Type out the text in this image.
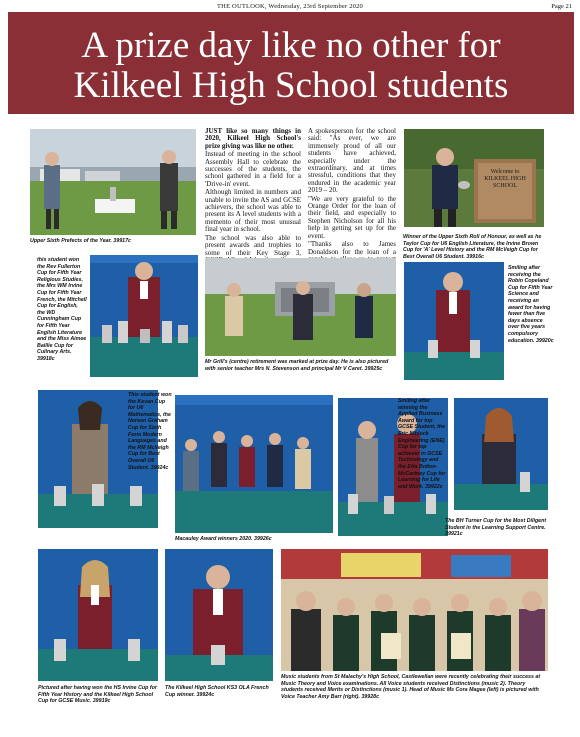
THE OUTLOOK, Wednesday, 23rd September 2020	Page 21
A prize day like no other for
Kilkeel High School students
Upper Sixth Prefects of the Year. 39917c

JUST like so many things in 2020, Kilkeel High School's prize giving was like no other.

Instead of meeting in the school Assembly Hall to celebrate the successes of the students, the school gathered in a field for a 'Drive-in' event.

Although limited in numbers and unable to invite the AS and GCSE achievers, the school was able to present its A level students with a memento of their most unusual final year in school.

The school was also able to present awards and trophies to some of their Key Stage 3,

A spokesperson for the school said: "As ever, we are immensely proud of all our students have achieved, especially under the extraordinary, and at times stressful, conditions that they endured in the academic year 2019 – 20.

"We are very grateful to the Orange Order for the loan of their field, and especially to Stephen Nicholson for all his help in getting set up for the event.

"Thanks also to James Donaldson for the loan of a

Welcome to KILKEEL HIGH SCHOOL
Winner of the Upper Sixth Roll of Honour, as well as he Taylor Cup for U6 English Literature, the Irvine Brown Cup for 'A' Level History and the RM McVeigh Cup for Best Overall U6 Student. 39916c
this student won the Rev Fullerton Cup for Fifth Year Religious Studies, the Mrs WM Irvine Cup for Fifth Year French, the Mitchell Cup for English, the WD Cunningham Cup for Fifth Year English Literature and the Miss Aimee Baillie Cup for Culinary Arts. 39918c
Mr Grill's (centre) retirement was marked at prize day. He is also pictured with senior teacher Mrs N. Stevenson and principal Mr V Caret. 39925c
Smiling after receiving the Robin Copeland Cup for Fifth Year Science and receiving an award for having fewer than five days absence over five years compulsory education. 39920c
This student won the Kevan Cup for U6 Mathematics, the Noreen Graham Cup for Sixth Form Modern Languages and the RM McVeigh Cup for Best Overall U6 Student. 39924c
Macauley Award winners 2020. 39926c
Smiling after winning the Applied Business Award for top GCSE Student, the Eric Niblock Engineering (ENE) Cup for top achiever in GCSE Technology and the Etta Bolton-McCartney Cup for Learning for Life and Work. 39922c
The BH Turner Cup for the Most Diligent Student in the Learning Support Centre. 39921c
Pictured after having won the HS Irvine Cup for Fifth Year History and the Kilkeel High School Cup for GCSE Music. 39919c
The Kilkeel High School KS3 OLA French Cup winner. 39924c
Music students from St Malachy's High School, Castlewellan were recently celebrating their success at Music Theory and Voice examinations. All Voice students received Distinctions (music 2). Theory students received Merits or Distinctions (music 1). Head of Music Ms Cora Magee (left) is pictured with Voice Teacher Amy Barr (right). 39928c
